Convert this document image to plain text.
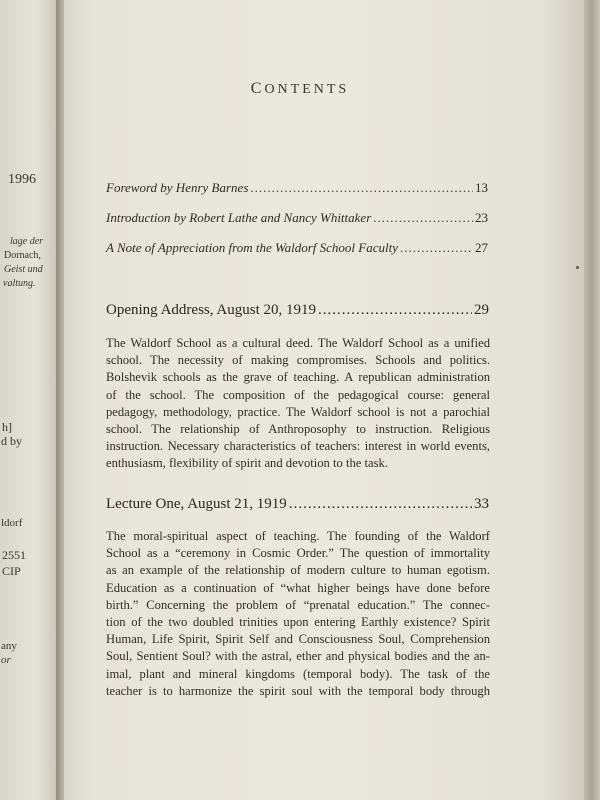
1996
lage der
Dornach,
Geist und
valtung.
h]
d by
ldorf
2551
CIP
any
or
CONTENTS
Foreword by Henry Barnes .....	13
Introduction by Robert Lathe and Nancy Whittaker .....	23
A Note of Appreciation from the Waldorf School Faculty .....	27
Opening Address, August 20, 1919 .....	29
The Waldorf School as a cultural deed. The Waldorf School as a unified
school. The necessity of making compromises. Schools and politics.
Bolshevik schools as the grave of teaching. A republican administration
of the school. The composition of the pedagogical course: general
pedagogy, methodology, practice. The Waldorf school is not a parochial
school. The relationship of Anthroposophy to instruction. Religious
instruction. Necessary characteristics of teachers: interest in world events,
enthusiasm, flexibility of spirit and devotion to the task.
Lecture One, August 21, 1919 .....	33
The moral-spiritual aspect of teaching. The founding of the Waldorf
School as a “ceremony in Cosmic Order.” The question of immortality
as an example of the relationship of modern culture to human egotism.
Education as a continuation of “what higher beings have done before
birth.” Concerning the problem of “prenatal education.” The connec-
tion of the two doubled trinities upon entering Earthly existence? Spirit
Human, Life Spirit, Spirit Self and Consciousness Soul, Comprehension
Soul, Sentient Soul? with the astral, ether and physical bodies and the an-
imal, plant and mineral kingdoms (temporal body). The task of the
teacher is to harmonize the spirit soul with the temporal body through
